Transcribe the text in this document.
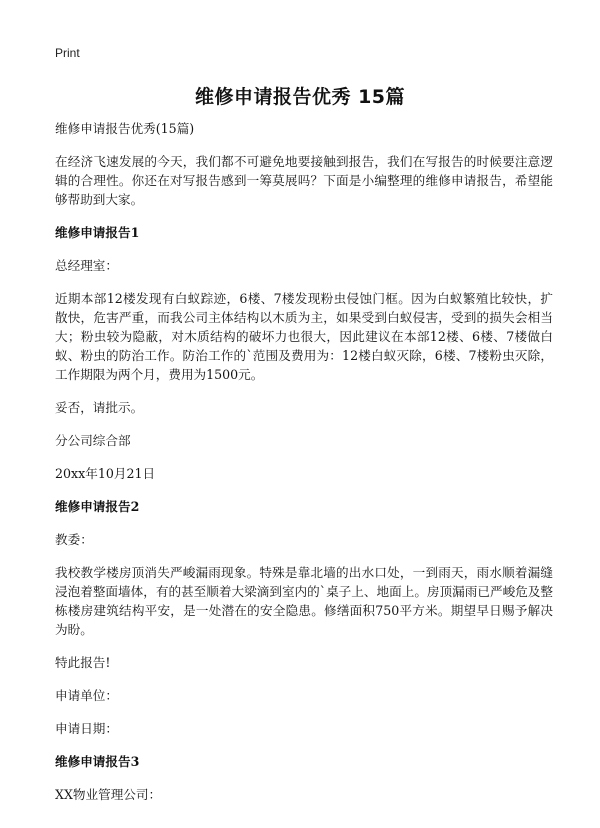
Print
维修申请报告优秀 15篇

维修申请报告优秀(15篇)

在经济飞速发展的今天，我们都不可避免地要接触到报告，我们在写报告的时候要注意逻辑的合理性。你还在对写报告感到一筹莫展吗？下面是小编整理的维修申请报告，希望能够帮助到大家。

维修申请报告1

总经理室：

近期本部12楼发现有白蚁踪迹，6楼、7楼发现粉虫侵蚀门框。因为白蚁繁殖比较快，扩散快，危害严重，而我公司主体结构以木质为主，如果受到白蚁侵害，受到的损失会相当大；粉虫较为隐蔽，对木质结构的破坏力也很大，因此建议在本部12楼、6楼、7楼做白蚁、粉虫的防治工作。防治工作的`范围及费用为：12楼白蚁灭除，6楼、7楼粉虫灭除，工作期限为两个月，费用为1500元。

妥否，请批示。

分公司综合部

20xx年10月21日

维修申请报告2

教委：

我校教学楼房顶消失严峻漏雨现象。特殊是靠北墙的出水口处，一到雨天，雨水顺着漏缝浸泡着整面墙体，有的甚至顺着大梁滴到室内的`桌子上、地面上。房顶漏雨已严峻危及整栋楼房建筑结构平安，是一处潜在的安全隐患。修缮面积750平方米。期望早日赐予解决为盼。

特此报告!

申请单位：

申请日期：

维修申请报告3

XX物业管理公司：
